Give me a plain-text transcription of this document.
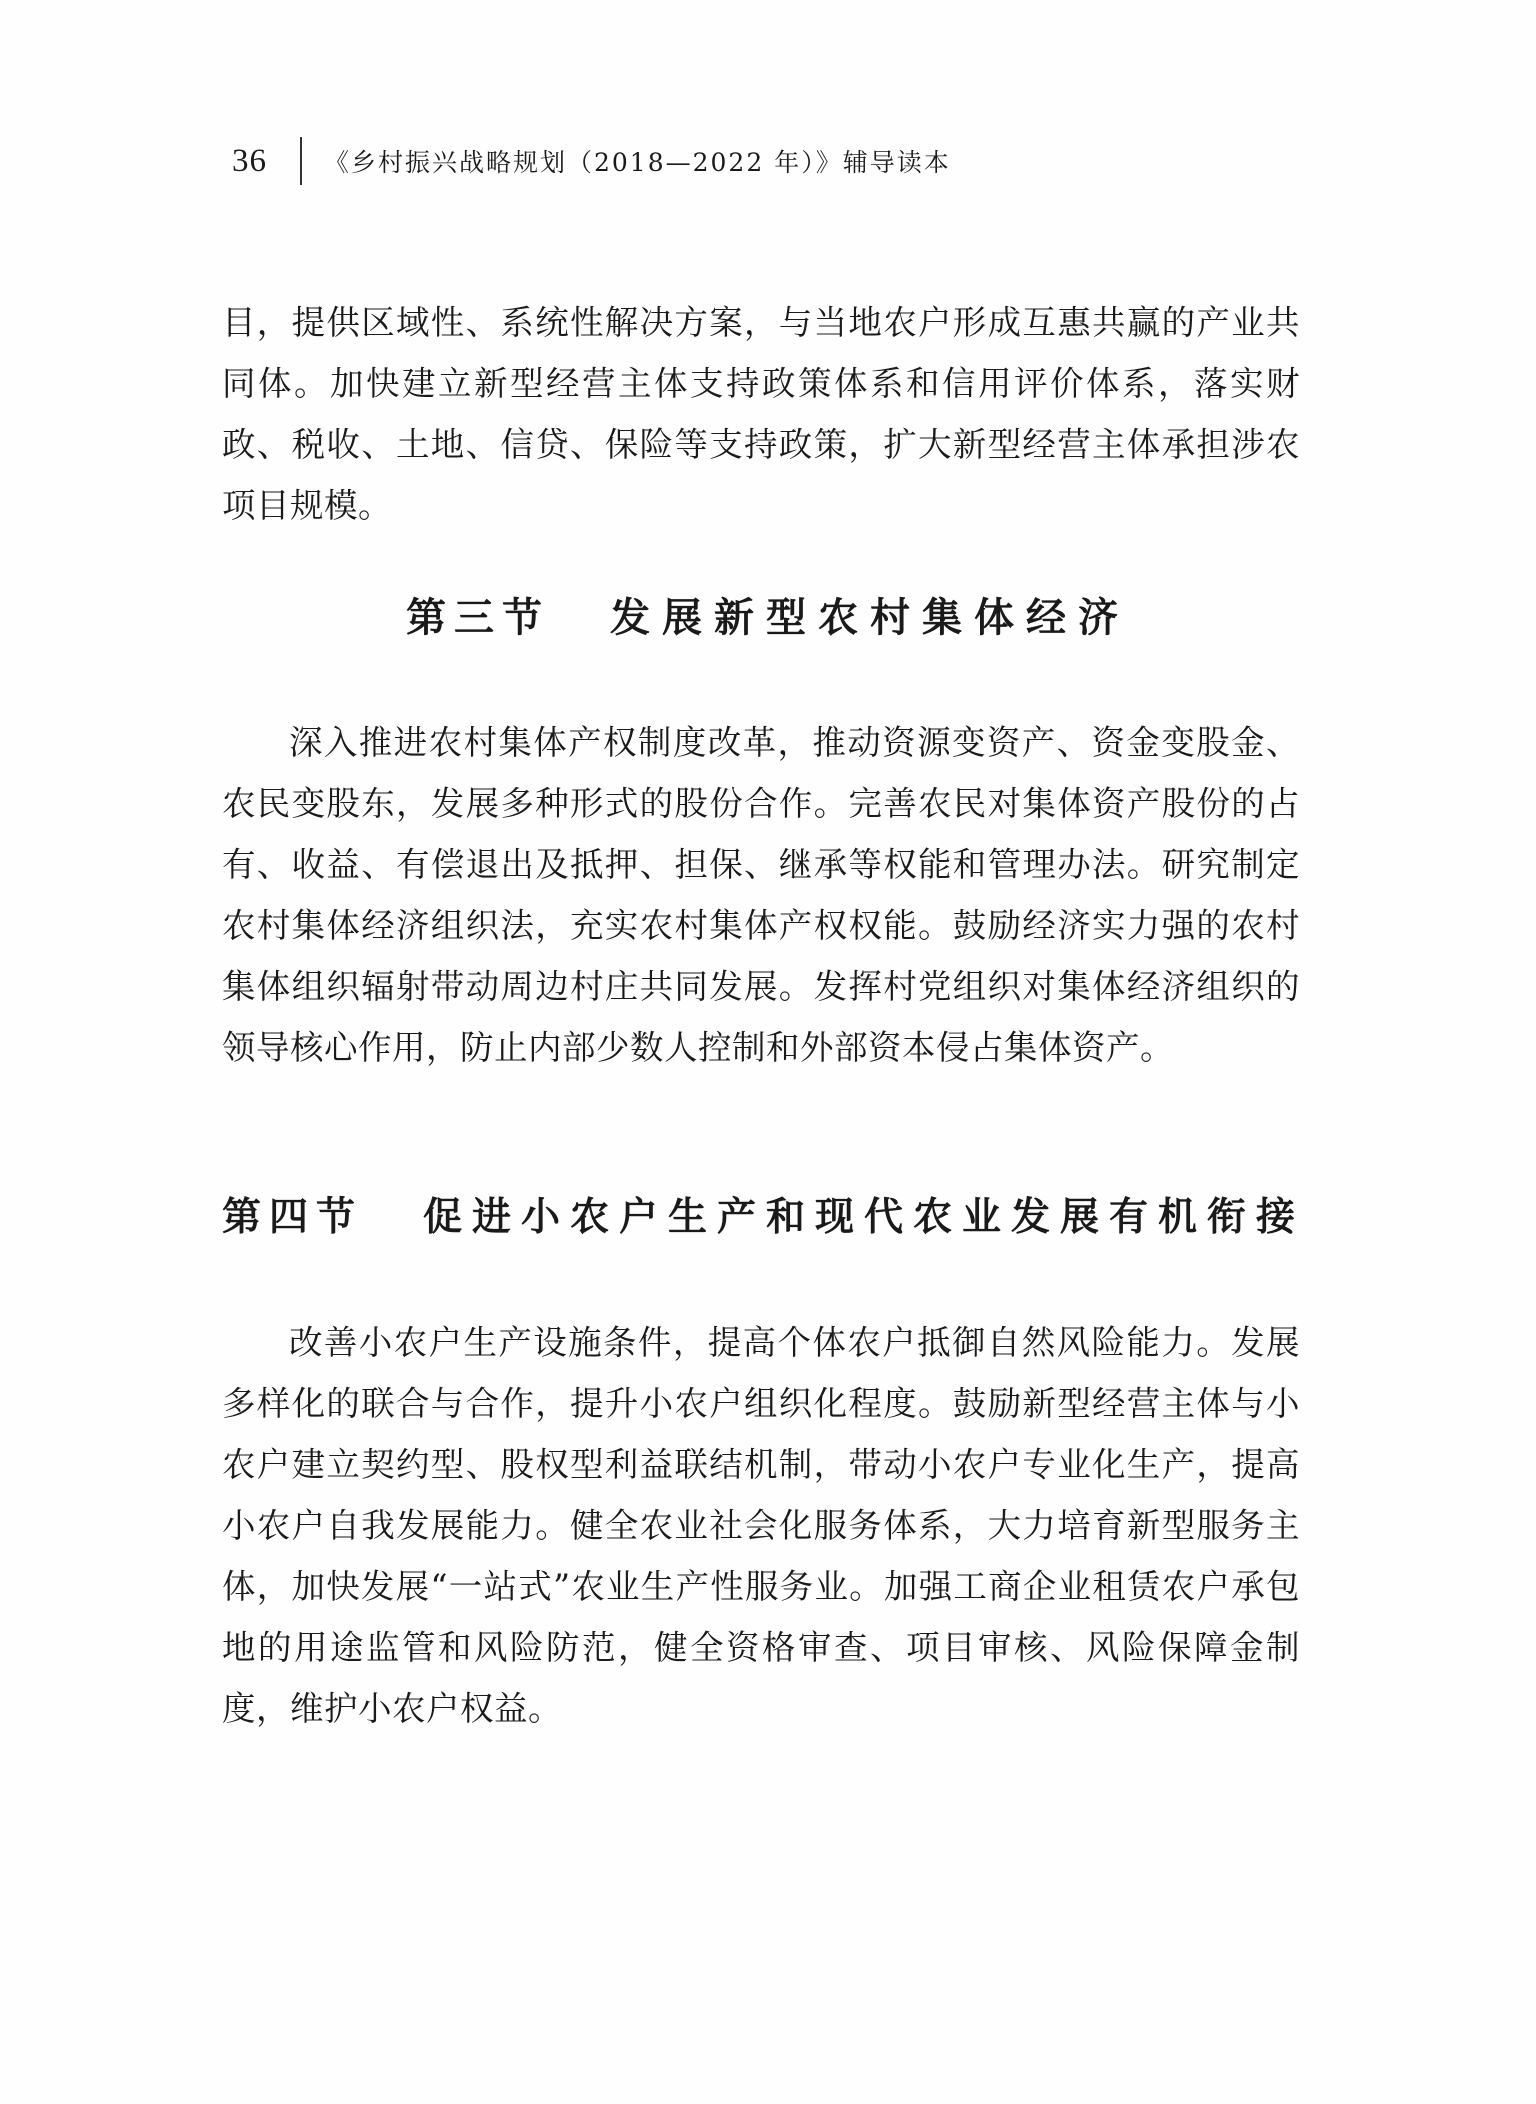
36	《乡村振兴战略规划（2018—2022 年）》辅导读本

目，提供区域性、系统性解决方案，与当地农户形成互惠共赢的产业共同体。加快建立新型经营主体支持政策体系和信用评价体系，落实财政、税收、土地、信贷、保险等支持政策，扩大新型经营主体承担涉农项目规模。

第三节 发展新型农村集体经济

深入推进农村集体产权制度改革，推动资源变资产、资金变股金、农民变股东，发展多种形式的股份合作。完善农民对集体资产股份的占有、收益、有偿退出及抵押、担保、继承等权能和管理办法。研究制定农村集体经济组织法，充实农村集体产权权能。鼓励经济实力强的农村集体组织辐射带动周边村庄共同发展。发挥村党组织对集体经济组织的领导核心作用，防止内部少数人控制和外部资本侵占集体资产。

第四节 促进小农户生产和现代农业发展有机衔接

改善小农户生产设施条件，提高个体农户抵御自然风险能力。发展多样化的联合与合作，提升小农户组织化程度。鼓励新型经营主体与小农户建立契约型、股权型利益联结机制，带动小农户专业化生产，提高小农户自我发展能力。健全农业社会化服务体系，大力培育新型服务主体，加快发展“一站式”农业生产性服务业。加强工商企业租赁农户承包地的用途监管和风险防范，健全资格审查、项目审核、风险保障金制度，维护小农户权益。
